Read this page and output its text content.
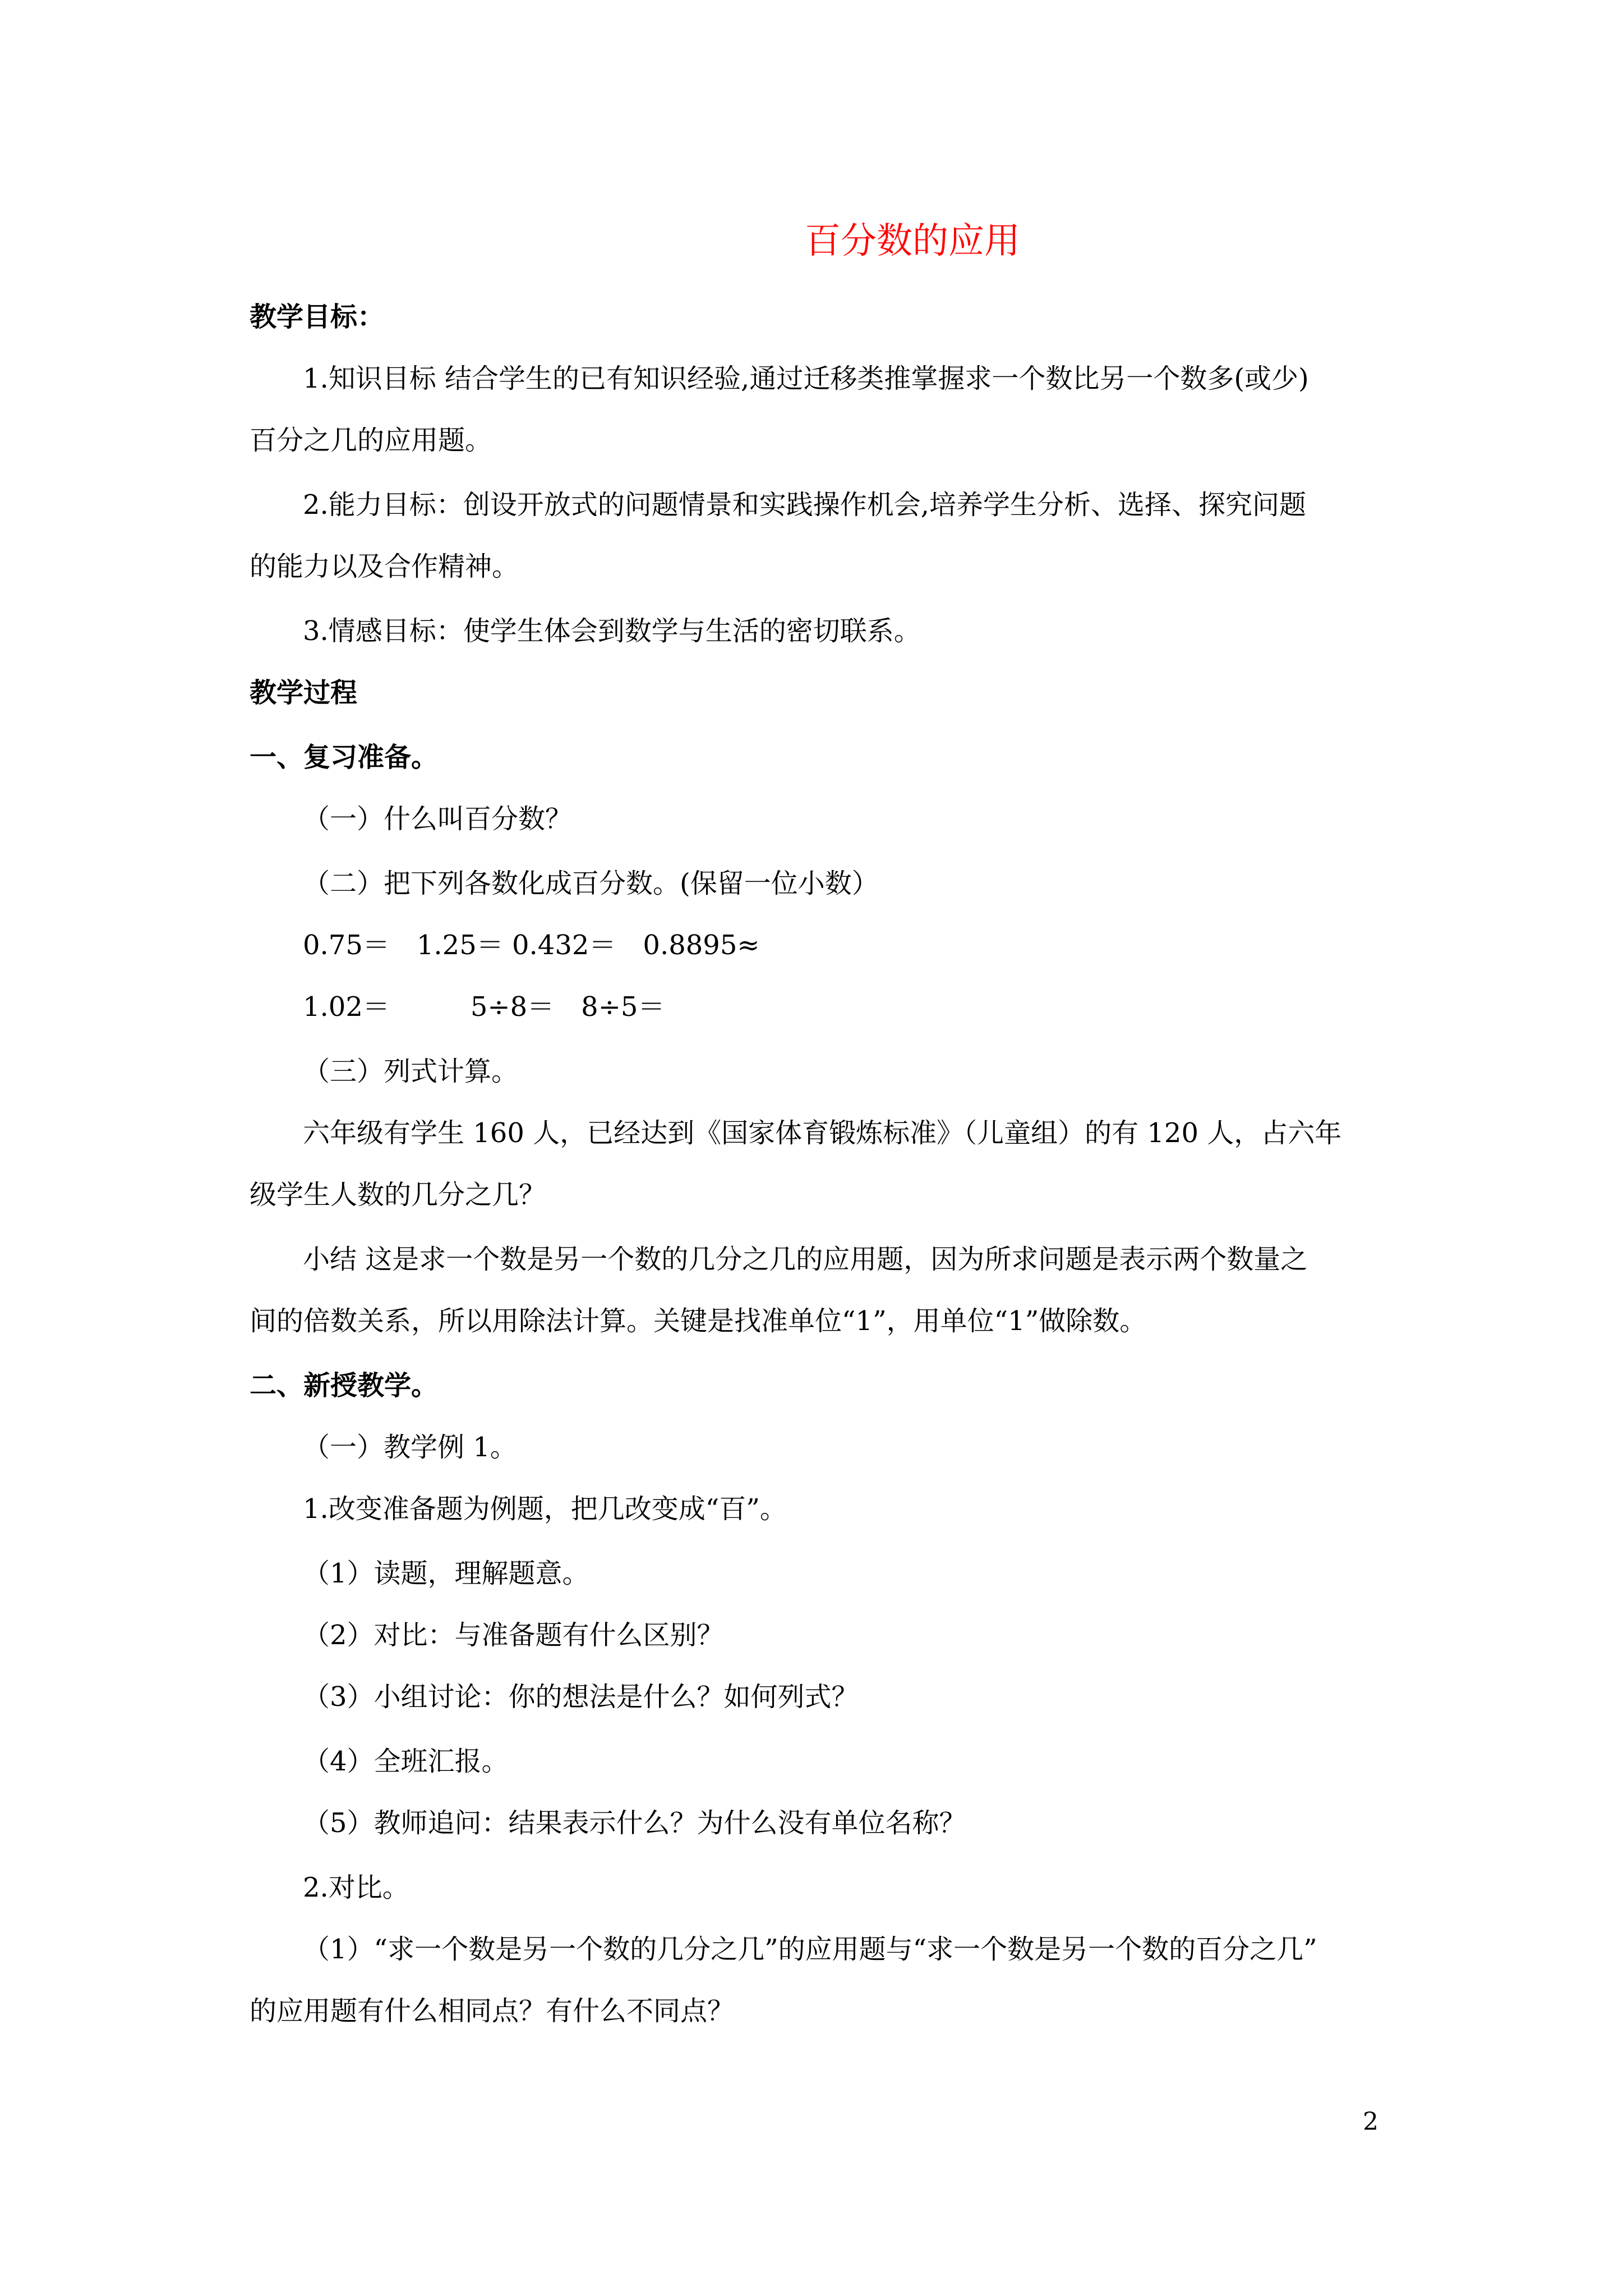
百分数的应用
教学目标：
1.知识目标 结合学生的已有知识经验,通过迁移类推掌握求一个数比另一个数多(或少)
百分之几的应用题。
2.能力目标：创设开放式的问题情景和实践操作机会,培养学生分析、选择、探究问题
的能力以及合作精神。
3.情感目标：使学生体会到数学与生活的密切联系。
教学过程
一、复习准备。
（一）什么叫百分数？
（二）把下列各数化成百分数。(保留一位小数）
0.75＝　1.25＝ 0.432＝　0.8895≈
1.02＝　　　5÷8＝　8÷5＝
（三）列式计算。
六年级有学生 160 人，已经达到《国家体育锻炼标准》（儿童组）的有 120 人，占六年
级学生人数的几分之几？
小结 这是求一个数是另一个数的几分之几的应用题，因为所求问题是表示两个数量之
间的倍数关系，所以用除法计算。关键是找准单位“1”，用单位“1”做除数。
二、新授教学。
（一）教学例 1。
1.改变准备题为例题，把几改变成“百”。
（1）读题，理解题意。
（2）对比：与准备题有什么区别？
（3）小组讨论：你的想法是什么？如何列式？
（4）全班汇报。
（5）教师追问：结果表示什么？为什么没有单位名称？
2.对比。
（1）“求一个数是另一个数的几分之几”的应用题与“求一个数是另一个数的百分之几”
的应用题有什么相同点？有什么不同点？
2
